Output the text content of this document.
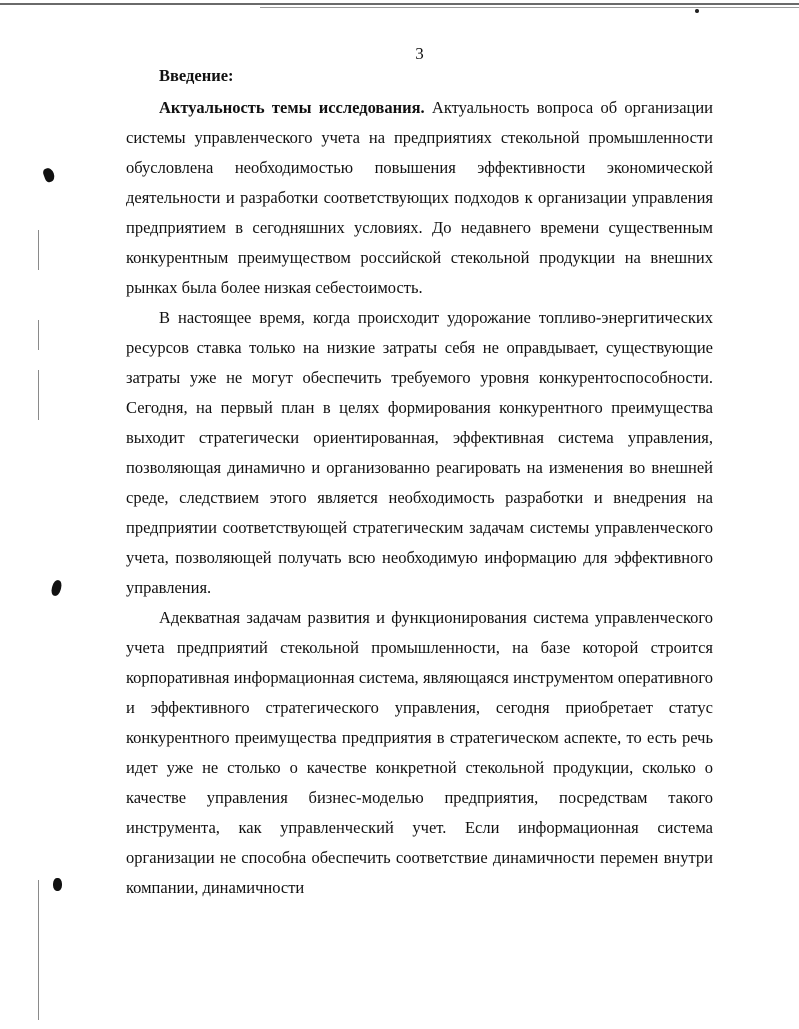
3

Введение:

Актуальность темы исследования. Актуальность вопроса об организации системы управленческого учета на предприятиях стекольной промышленности обусловлена необходимостью повышения эффективности экономической деятельности и разработки соответствующих подходов к организации управления предприятием в сегодняшних условиях. До недавнего времени существенным конкурентным преимуществом российской стекольной продукции на внешних рынках была более низкая себестоимость.

В настоящее время, когда происходит удорожание топливо-энергитических ресурсов ставка только на низкие затраты себя не оправдывает, существующие затраты уже не могут обеспечить требуемого уровня конкурентоспособности. Сегодня, на первый план в целях формирования конкурентного преимущества выходит стратегически ориентированная, эффективная система управления, позволяющая динамично и организованно реагировать на изменения во внешней среде, следствием этого является необходимость разработки и внедрения на предприятии соответствующей стратегическим задачам системы управленческого учета, позволяющей получать всю необходимую информацию для эффективного управления.

Адекватная задачам развития и функционирования система управленческого учета предприятий стекольной промышленности, на базе которой строится корпоративная информационная система, являющаяся инструментом оперативного и эффективного стратегического управления, сегодня приобретает статус конкурентного преимущества предприятия в стратегическом аспекте, то есть речь идет уже не столько о качестве конкретной стекольной продукции, сколько о качестве управления бизнес-моделью предприятия, посредствам такого инструмента, как управленческий учет. Если информационная система организации не способна обеспечить соответствие динамичности перемен внутри компании, динамичности
